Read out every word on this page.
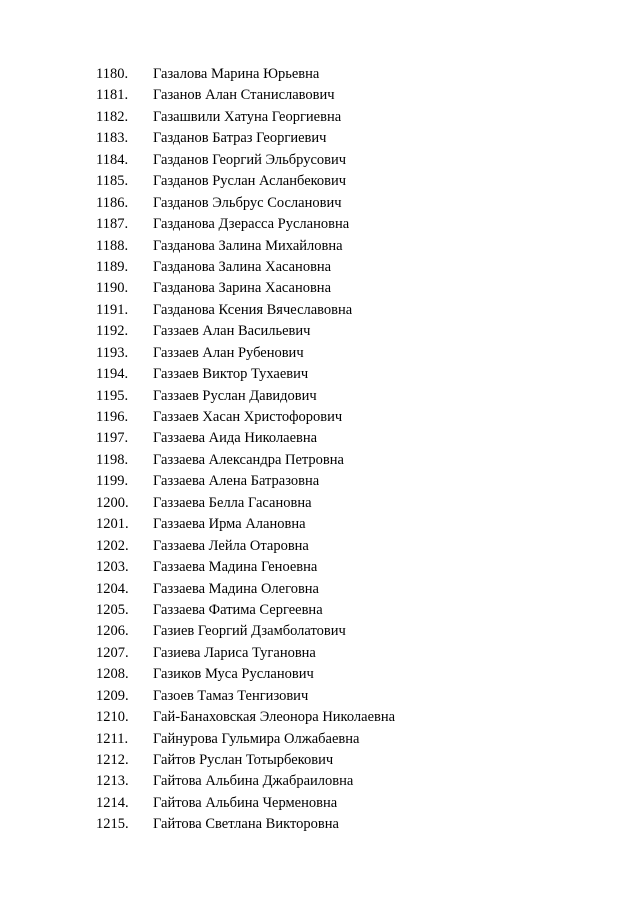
1180.	Газалова Марина Юрьевна
1181.	Газанов Алан Станиславович
1182.	Газашвили Хатуна Георгиевна
1183.	Газданов Батраз Георгиевич
1184.	Газданов Георгий Эльбрусович
1185.	Газданов Руслан Асланбекович
1186.	Газданов Эльбрус Сосланович
1187.	Газданова Дзерасса Руслановна
1188.	Газданова Залина Михайловна
1189.	Газданова Залина Хасановна
1190.	Газданова Зарина Хасановна
1191.	Газданова Ксения Вячеславовна
1192.	Газзаев Алан Васильевич
1193.	Газзаев Алан Рубенович
1194.	Газзаев Виктор Тухаевич
1195.	Газзаев Руслан Давидович
1196.	Газзаев Хасан Христофорович
1197.	Газзаева Аида Николаевна
1198.	Газзаева Александра Петровна
1199.	Газзаева Алена Батразовна
1200.	Газзаева Белла Гасановна
1201.	Газзаева Ирма Алановна
1202.	Газзаева Лейла Отаровна
1203.	Газзаева Мадина Геноевна
1204.	Газзаева Мадина Олеговна
1205.	Газзаева Фатима Сергеевна
1206.	Газиев Георгий Дзамболатович
1207.	Газиева Лариса Тугановна
1208.	Газиков Муса Русланович
1209.	Газоев Тамаз Тенгизович
1210.	Гай-Банаховская Элеонора Николаевна
1211.	Гайнурова Гульмира Олжабаевна
1212.	Гайтов Руслан Тотырбекович
1213.	Гайтова Альбина Джабраиловна
1214.	Гайтова Альбина Черменовна
1215.	Гайтова Светлана Викторовна
